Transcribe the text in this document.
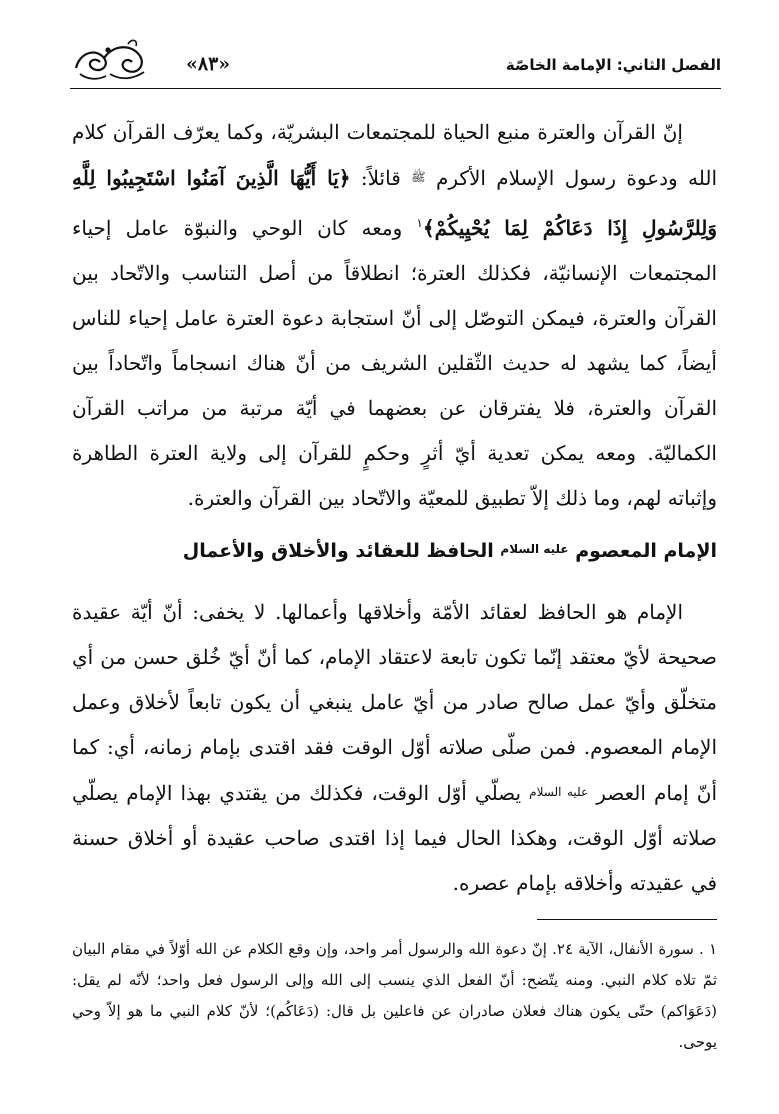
«٨٣»	الفصل الثاني: الإمامة الخاصّة

إنّ القرآن والعترة منبع الحياة للمجتمعات البشريّة، وكما يعرّف القرآن كلام الله ودعوة رسول الإسلام الأكرم $^ﷺ$ قائلاً: ﴿يَا أَيُّهَا الَّذِينَ آمَنُوا اسْتَجِيبُوا لِلَّهِ وَلِلرَّسُولِ إِذَا دَعَاكُمْ لِمَا يُحْيِيكُمْ﴾$^١$ ومعه كان الوحي والنبوّة عامل إحياء المجتمعات الإنسانيّة، فكذلك العترة؛ انطلاقاً من أصل التناسب والاتّحاد بين القرآن والعترة، فيمكن التوصّل إلى أنّ استجابة دعوة العترة عامل إحياء للناس أيضاً، كما يشهد له حديث الثّقلين الشريف من أنّ هناك انسجاماً واتّحاداً بين القرآن والعترة، فلا يفترقان عن بعضهما في أيّة مرتبة من مراتب القرآن الكماليّة. ومعه يمكن تعدية أيّ أثرٍ وحكمٍ للقرآن إلى ولاية العترة الطاهرة وإثباته لهم، وما ذلك إلاّ تطبيق للمعيّة والاتّحاد بين القرآن والعترة.

الإمام المعصوم $^{عليه السلام}$ الحافظ للعقائد والأخلاق والأعمال

الإمام هو الحافظ لعقائد الأمّة وأخلاقها وأعمالها. لا يخفى: أنّ أيّة عقيدة صحيحة لأيّ معتقد إنّما تكون تابعة لاعتقاد الإمام، كما أنّ أيّ خُلق حسن من أي متخلّق وأيّ عمل صالح صادر من أيّ عامل ينبغي أن يكون تابعاً لأخلاق وعمل الإمام المعصوم. فمن صلّى صلاته أوّل الوقت فقد اقتدى بإمام زمانه، أي: كما أنّ إمام العصر $^{عليه السلام}$ يصلّي أوّل الوقت، فكذلك من يقتدي بهذا الإمام يصلّي صلاته أوّل الوقت، وهكذا الحال فيما إذا اقتدى صاحب عقيدة أو أخلاق حسنة في عقيدته وأخلاقه بإمام عصره.

١ . سورة الأنفال، الآية ٢٤. إنّ دعوة الله والرسول أمر واحد، وإن وقع الكلام عن الله أوّلاً في مقام البيان ثمّ تلاه كلام النبي. ومنه يتّضح: أنّ الفعل الذي ينسب إلى الله وإلى الرسول فعل واحد؛ لأنّه لم يقل: (دَعَوَاكم) حتّى يكون هناك فعلان صادران عن فاعلين بل قال: (دَعَاكُم)؛ لأنّ كلام النبي ما هو إلاّ وحي يوحى.
